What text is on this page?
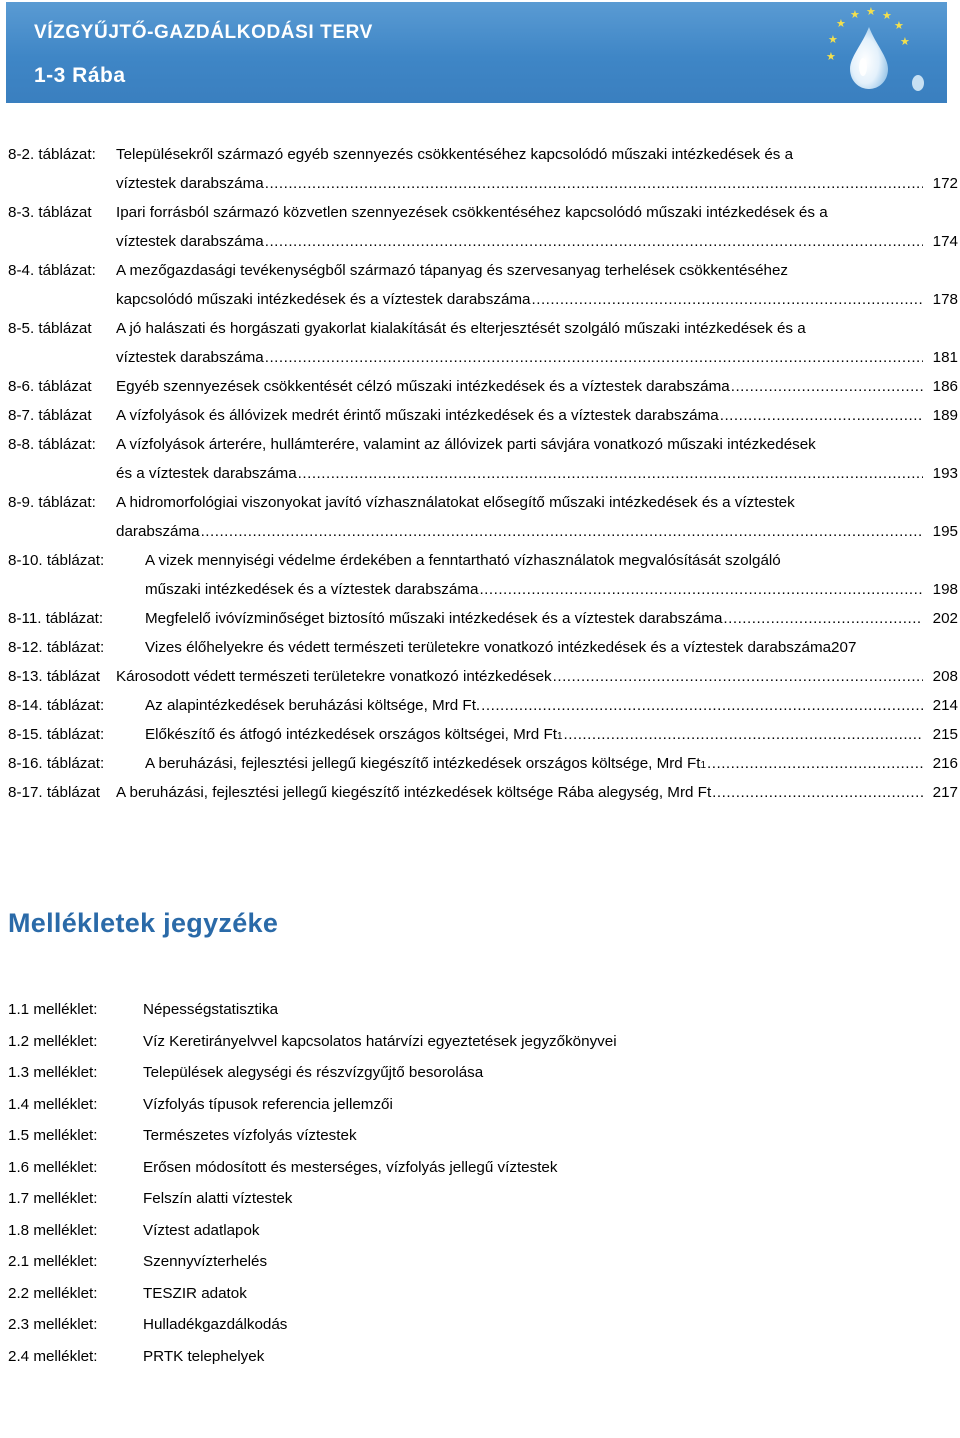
VÍZGYŰJTŐ-GAZDÁLKODÁSI TERV
1-3 Rába
★
★ ★ ★
★
★
★
★
8-2. táblázat:	Településekről származó egyéb szennyezés csökkentéséhez kapcsolódó műszaki intézkedések és a
víztestek darabszáma .....	172
8-3. táblázat	Ipari forrásból származó közvetlen szennyezések csökkentéséhez kapcsolódó műszaki intézkedések és a
víztestek darabszáma .....	174
8-4. táblázat:	A mezőgazdasági tevékenységből származó tápanyag és szervesanyag terhelések csökkentéséhez
kapcsolódó műszaki intézkedések és a víztestek darabszáma .....	178
8-5. táblázat	A jó halászati és horgászati gyakorlat kialakítását és elterjesztését szolgáló műszaki intézkedések és a
víztestek darabszáma .....	181
8-6. táblázat	Egyéb szennyezések csökkentését célzó műszaki intézkedések és a víztestek darabszáma .....	186
8-7. táblázat	A vízfolyások és állóvizek medrét érintő műszaki intézkedések és a víztestek darabszáma .....	189
8-8. táblázat:	A vízfolyások árterére, hullámterére, valamint az állóvizek parti sávjára vonatkozó műszaki intézkedések
és a víztestek darabszáma .....	193
8-9. táblázat:	A hidromorfológiai viszonyokat javító vízhasználatokat elősegítő műszaki intézkedések és a víztestek
darabszáma .....	195
8-10. táblázat:	A vizek mennyiségi védelme érdekében a fenntartható vízhasználatok megvalósítását szolgáló
műszaki intézkedések és a víztestek darabszáma .....	198
8-11. táblázat:	Megfelelő ivóvízminőséget biztosító műszaki intézkedések és a víztestek darabszáma .....	202
8-12. táblázat:	Vizes élőhelyekre és védett természeti területekre vonatkozó intézkedések és a víztestek darabszáma 207
8-13. táblázat	Károsodott védett természeti területekre vonatkozó intézkedések .....	208
8-14. táblázat:	Az alapintézkedések beruházási költsége, Mrd Ft. .....	214
8-15. táblázat:	Előkészítő és átfogó intézkedések országos költségei, Mrd Ft 1 .....	215
8-16. táblázat:	A beruházási, fejlesztési jellegű kiegészítő intézkedések országos költsége, Mrd Ft 1 .....	216
8-17. táblázat	A beruházási, fejlesztési jellegű kiegészítő intézkedések költsége Rába alegység, Mrd Ft .....	217
Mellékletek jegyzéke
1.1 melléklet:	Népességstatisztika
1.2 melléklet:	Víz Keretirányelvvel kapcsolatos határvízi egyeztetések jegyzőkönyvei
1.3 melléklet:	Települések alegységi és részvízgyűjtő besorolása
1.4 melléklet:	Vízfolyás típusok referencia jellemzői
1.5 melléklet:	Természetes vízfolyás víztestek
1.6 melléklet:	Erősen módosított és mesterséges, vízfolyás jellegű víztestek
1.7 melléklet:	Felszín alatti víztestek
1.8 melléklet:	Víztest adatlapok
2.1 melléklet:	Szennyvízterhelés
2.2 melléklet:	TESZIR adatok
2.3 melléklet:	Hulladékgazdálkodás
2.4 melléklet:	PRTK telephelyek
